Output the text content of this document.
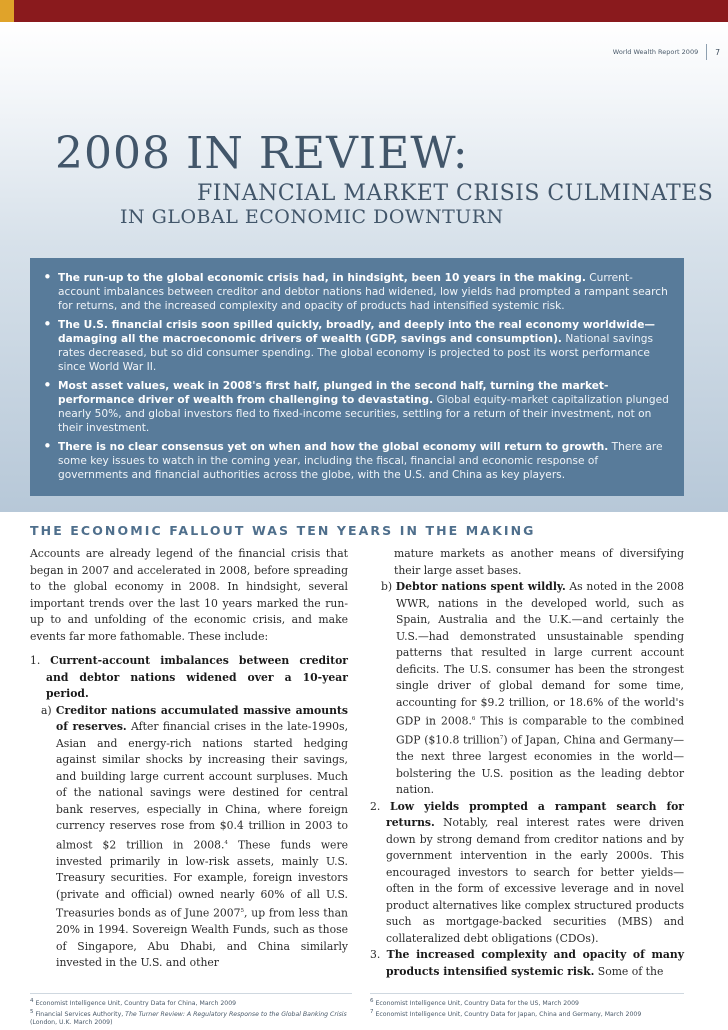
World Wealth Report 2009 7
2008 IN REVIEW:
FINANCIAL MARKET CRISIS CULMINATES
IN GLOBAL ECONOMIC DOWNTURN
• The run-up to the global economic crisis had, in hindsight, been 10 years in the making. Current-account imbalances between creditor and debtor nations had widened, low yields had prompted a rampant search for returns, and the increased complexity and opacity of products had intensified systemic risk.
• The U.S. financial crisis soon spilled quickly, broadly, and deeply into the real economy worldwide—damaging all the macroeconomic drivers of wealth (GDP, savings and consumption). National savings rates decreased, but so did consumer spending. The global economy is projected to post its worst performance since World War II.
• Most asset values, weak in 2008's first half, plunged in the second half, turning the market-performance driver of wealth from challenging to devastating. Global equity-market capitalization plunged nearly 50%, and global investors fled to fixed-income securities, settling for a return of their investment, not on their investment.
• There is no clear consensus yet on when and how the global economy will return to growth. There are some key issues to watch in the coming year, including the fiscal, financial and economic response of governments and financial authorities across the globe, with the U.S. and China as key players.
THE ECONOMIC FALLOUT WAS TEN YEARS IN THE MAKING

Accounts are already legend of the financial crisis that began in 2007 and accelerated in 2008, before spreading to the global economy in 2008. In hindsight, several important trends over the last 10 years marked the run-up to and unfolding of the economic crisis, and make events far more fathomable. These include:

1. Current-account imbalances between creditor and debtor nations widened over a 10-year period.

a) Creditor nations accumulated massive amounts of reserves. After financial crises in the late-1990s, Asian and energy-rich nations started hedging against similar shocks by increasing their savings, and building large current account surpluses. Much of the national savings were destined for central bank reserves, especially in China, where foreign currency reserves rose from $0.4 trillion in 2003 to almost $2 trillion in 2008.$^4$ These funds were invested primarily in low-risk assets, mainly U.S. Treasury securities. For example, foreign investors (private and official) owned nearly 60% of all U.S. Treasuries bonds as of June 2007$^5$, up from less than 20% in 1994. Sovereign Wealth Funds, such as those of Singapore, Abu Dhabi, and China similarly invested in the U.S. and other

mature markets as another means of diversifying their large asset bases.

b) Debtor nations spent wildly. As noted in the 2008 WWR, nations in the developed world, such as Spain, Australia and the U.K.—and certainly the U.S.—had demonstrated unsustainable spending patterns that resulted in large current account deficits. The U.S. consumer has been the strongest single driver of global demand for some time, accounting for $9.2 trillion, or 18.6% of the world's GDP in 2008.$^6$ This is comparable to the combined GDP ($10.8 trillion$^7$) of Japan, China and Germany—the next three largest economies in the world—bolstering the U.S. position as the leading debtor nation.

2. Low yields prompted a rampant search for returns. Notably, real interest rates were driven down by strong demand from creditor nations and by government intervention in the early 2000s. This encouraged investors to search for better yields—often in the form of excessive leverage and in novel product alternatives like complex structured products such as mortgage-backed securities (MBS) and collateralized debt obligations (CDOs).

3. The increased complexity and opacity of many products intensified systemic risk. Some of the

$^4$ Economist Intelligence Unit, Country Data for China, March 2009

$^5$ Financial Services Authority, The Turner Review: A Regulatory Response to the Global Banking Crisis (London, U.K. March 2009)

$^6$ Economist Intelligence Unit, Country Data for the US, March 2009

$^7$ Economist Intelligence Unit, Country Data for Japan, China and Germany, March 2009
